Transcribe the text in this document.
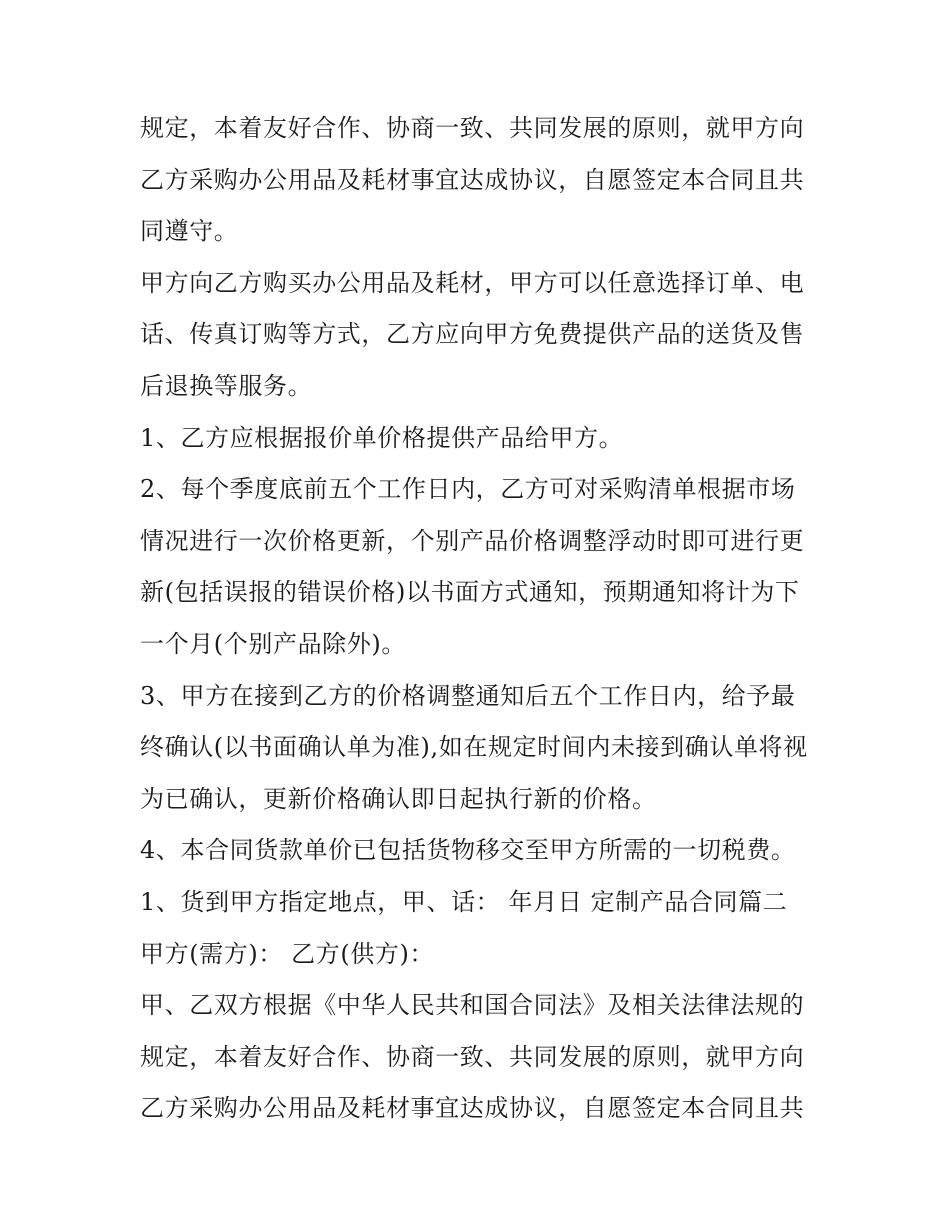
规定，本着友好合作、协商一致、共同发展的原则，就甲方向
乙方采购办公用品及耗材事宜达成协议，自愿签定本合同且共
同遵守。
甲方向乙方购买办公用品及耗材，甲方可以任意选择订单、电
话、传真订购等方式，乙方应向甲方免费提供产品的送货及售
后退换等服务。
1、乙方应根据报价单价格提供产品给甲方。
2、每个季度底前五个工作日内，乙方可对采购清单根据市场
情况进行一次价格更新，个别产品价格调整浮动时即可进行更
新(包括误报的错误价格)以书面方式通知，预期通知将计为下
一个月(个别产品除外)。
3、甲方在接到乙方的价格调整通知后五个工作日内，给予最
终确认(以书面确认单为准),如在规定时间内未接到确认单将视
为已确认，更新价格确认即日起执行新的价格。
4、本合同货款单价已包括货物移交至甲方所需的一切税费。
1、货到甲方指定地点，甲、话： 年月日 定制产品合同篇二
甲方(需方)： 乙方(供方)：
甲、乙双方根据《中华人民共和国合同法》及相关法律法规的
规定，本着友好合作、协商一致、共同发展的原则，就甲方向
乙方采购办公用品及耗材事宜达成协议，自愿签定本合同且共
